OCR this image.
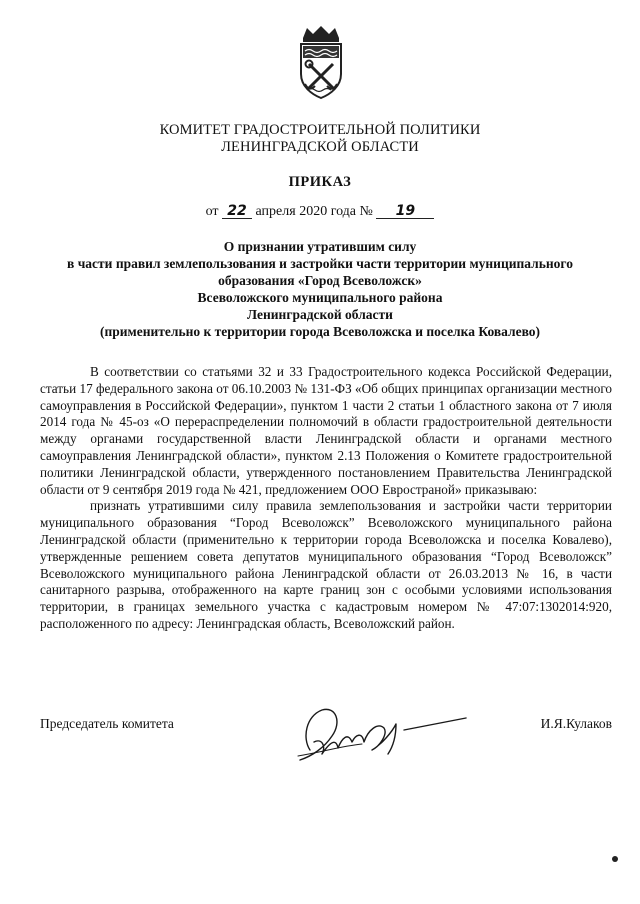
КОМИТЕТ ГРАДОСТРОИТЕЛЬНОЙ ПОЛИТИКИ
ЛЕНИНГРАДСКОЙ ОБЛАСТИ
ПРИКАЗ
от 22 апреля 2020 года № 19
О признании утратившим силу
в части правил землепользования и застройки части территории муниципального
образования «Город Всеволожск»
Всеволожского муниципального района
Ленинградской области
(применительно к территории города Всеволожска и поселка Ковалево)

В соответствии со статьями 32 и 33 Градостроительного кодекса Российской Федерации, статьи 17 федерального закона от 06.10.2003 № 131-ФЗ «Об общих принципах организации местного самоуправления в Российской Федерации», пунктом 1 части 2 статьи 1 областного закона от 7 июля 2014 года № 45-оз «О перераспределении полномочий в области градостроительной деятельности между органами государственной власти Ленинградской области и органами местного самоуправления Ленинградской области», пунктом 2.13 Положения о Комитете градостроительной политики Ленинградской области, утвержденного постановлением Правительства Ленинградской области от 9 сентября 2019 года № 421, предложением ООО Евространой» приказываю:

признать утратившими силу правила землепользования и застройки части территории муниципального образования “Город Всеволожск” Всеволожского муниципального района Ленинградской области (применительно к территории города Всеволожска и поселка Ковалево), утвержденные решением совета депутатов муниципального образования “Город Всеволожск” Всеволожского муниципального района Ленинградской области от 26.03.2013 № 16, в части санитарного разрыва, отображенного на карте границ зон с особыми условиями использования территории, в границах земельного участка с кадастровым номером № 47:07:1302014:920, расположенного по адресу: Ленинградская область, Всеволожский район.

Председатель комитета	И.Я.Кулаков
